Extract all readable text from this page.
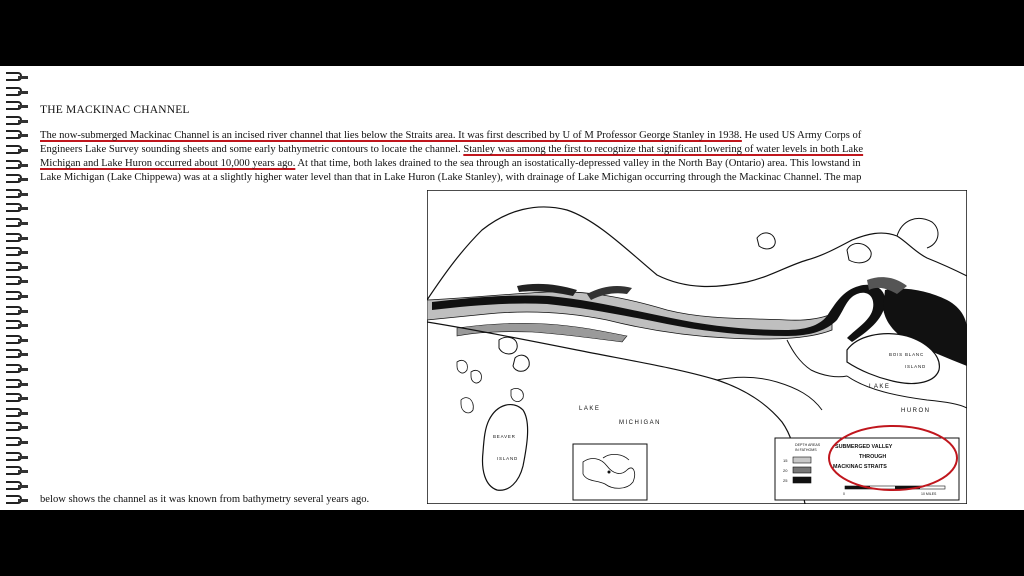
THE MACKINAC CHANNEL
The now-submerged Mackinac Channel is an incised river channel that lies below the Straits area. It was first described by U of M Professor George Stanley in 1938. He used US Army Corps of
Engineers Lake Survey sounding sheets and some early bathymetric contours to locate the channel. Stanley was among the first to recognize that significant lowering of water levels in both Lake
Michigan and Lake Huron occurred about 10,000 years ago. At that time, both lakes drained to the sea through an isostatically-depressed valley in the North Bay (Ontario) area. This lowstand in
Lake Michigan (Lake Chippewa) was at a slightly higher water level than that in Lake Huron (Lake Stanley), with drainage of Lake Michigan occurring through the Mackinac Channel. The map
LAKE
MICHIGAN
LAKE
HURON
BEAVER
ISLAND
BOIS BLANC
ISLAND
DEPTH AREAS
IN FATHOMS
15
20
25
SUBMERGED VALLEY
THROUGH
MACKINAC STRAITS
0	10 MILES
below shows the channel as it was known from bathymetry several years ago.
